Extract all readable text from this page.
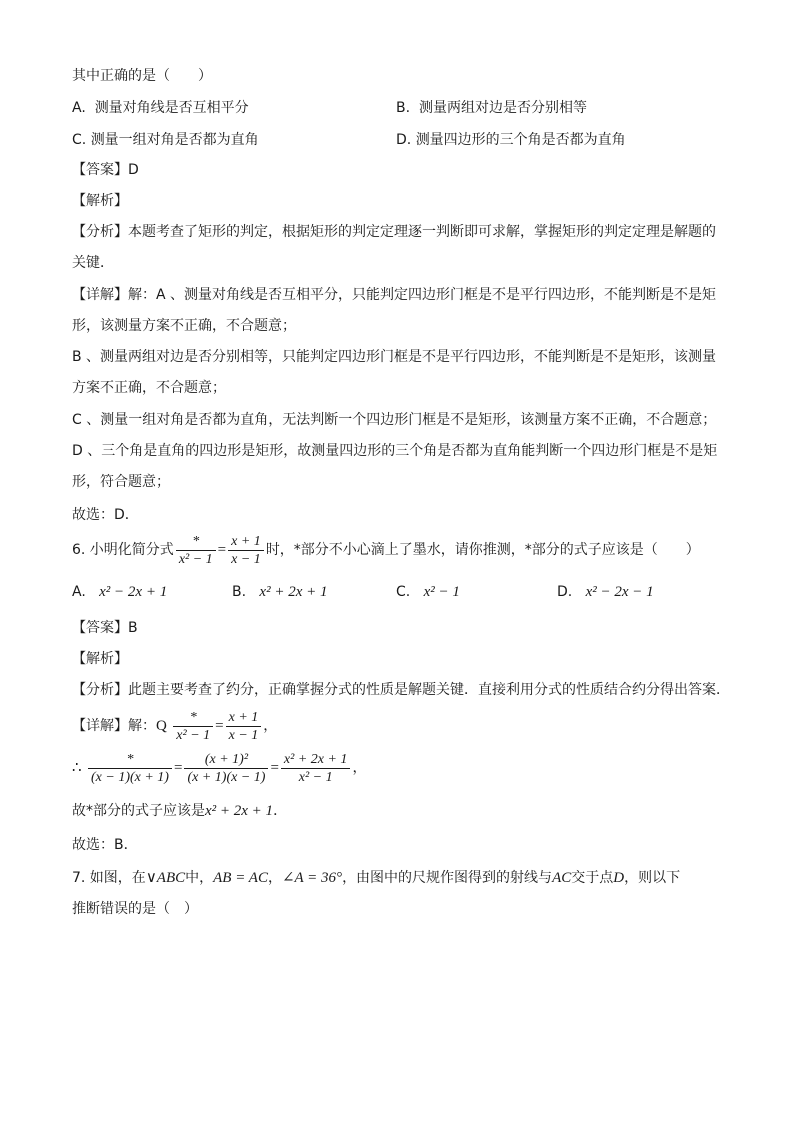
其中正确的是（　　）
A. 测量对角线是否互相平分	B. 测量两组对边是否分别相等
C. 测量一组对角是否都为直角	D. 测量四边形的三个角是否都为直角
【答案】D
【解析】
【分析】本题考查了矩形的判定，根据矩形的判定定理逐一判断即可求解，掌握矩形的判定定理是解题的
关键．
【详解】解：A 、测量对角线是否互相平分，只能判定四边形门框是不是平行四边形，不能判断是不是矩
形，该测量方案不正确，不合题意；
B 、测量两组对边是否分别相等，只能判定四边形门框是不是平行四边形，不能判断是不是矩形，该测量
方案不正确，不合题意；
C 、测量一组对角是否都为直角，无法判断一个四边形门框是不是矩形，该测量方案不正确，不合题意；
D 、三个角是直角的四边形是矩形，故测量四边形的三个角是否都为直角能判断一个四边形门框是不是矩
形，符合题意；
故选：D．
6. 小明化简分式 $\frac{*}{\text{x² − 1}} = \frac{x + 1}{x - 1}$ 时，*部分不小心滴上了墨水，请你推测，*部分的式子应该是（　　）
A. x² − 2x + 1	B. x² + 2x + 1	C. x² − 1	D. x² − 2x − 1
【答案】B
【解析】
【分析】此题主要考查了约分，正确掌握分式的性质是解题关键．直接利用分式的性质结合约分得出答案．
【详解】解：Q $\frac{*}{\text{x² − 1}} = \frac{x + 1}{x - 1}$ ，
∴ $\frac{*}{(x - 1)(x + 1)} = \frac{\text{(x + 1)²}}{(x + 1)(x - 1)} = \frac{\text{x² + 2x + 1}}{\text{x² − 1}}$ ，
故*部分的式子应该是x² + 2x + 1．
故选：B．
7. 如图，在∨ABC中，AB = AC，∠A = 36°，由图中的尺规作图得到的射线与AC交于点D，则以下
推断错误的是（　）
